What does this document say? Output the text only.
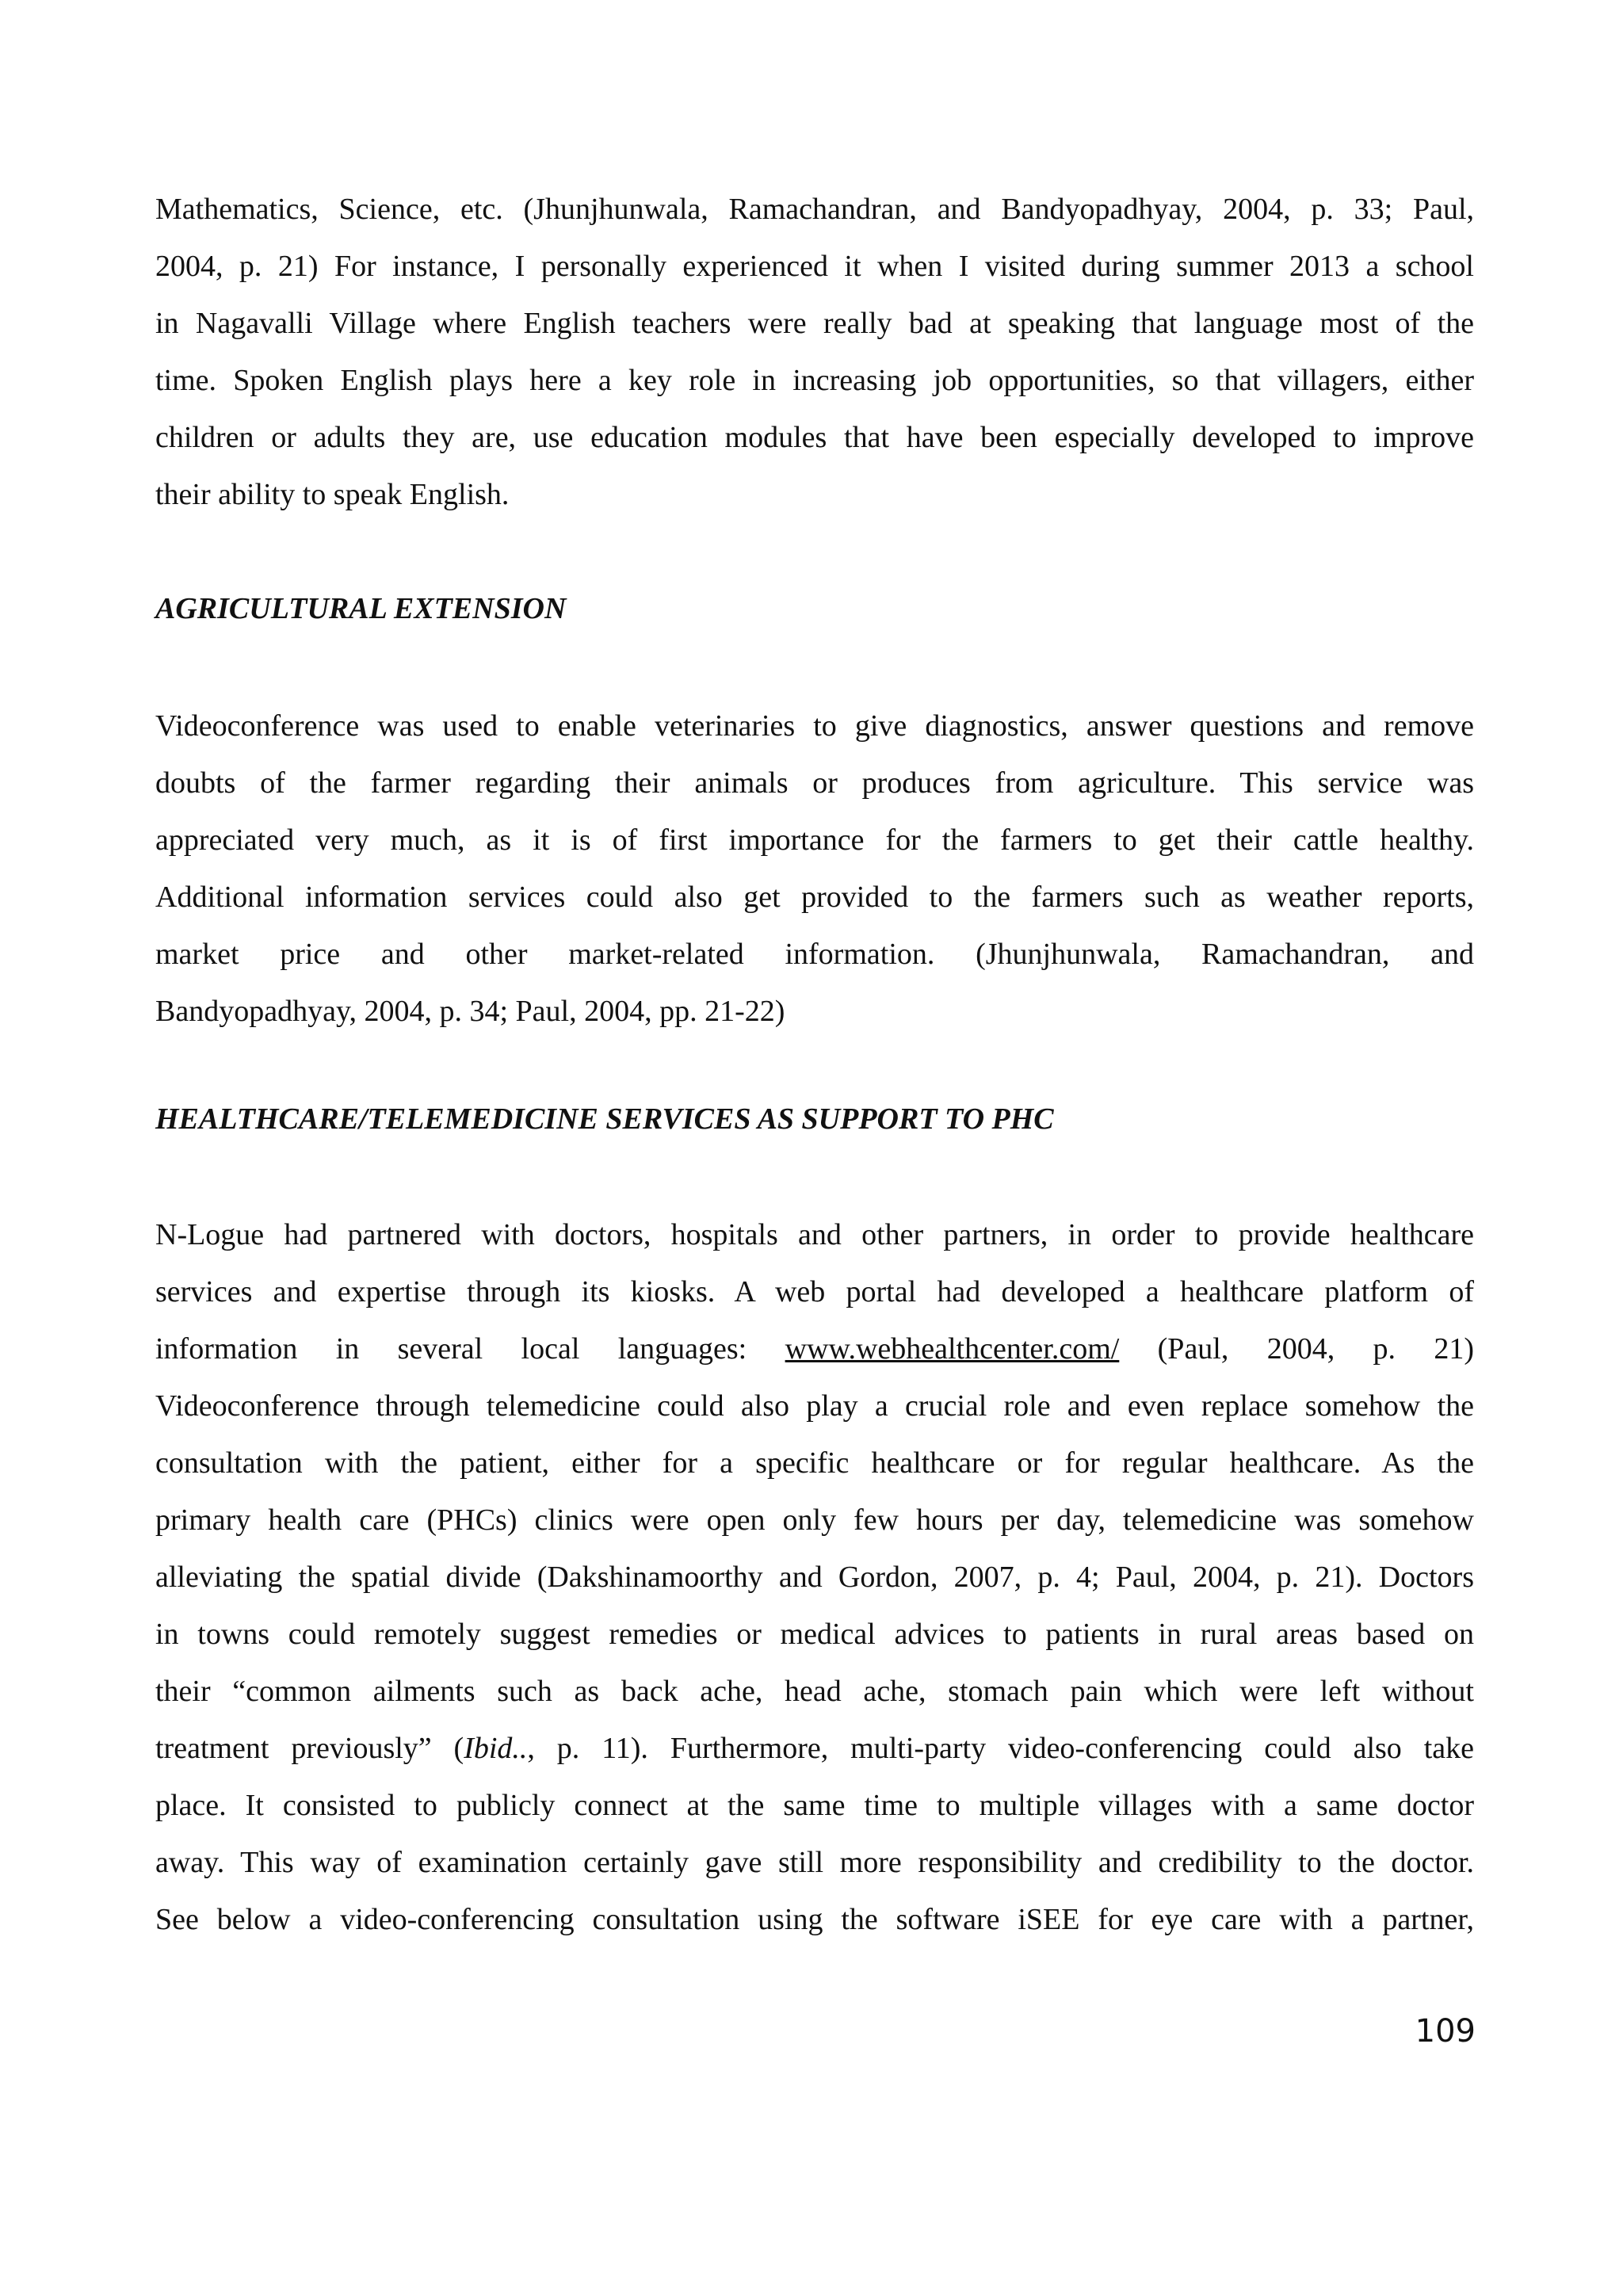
Mathematics, Science, etc. (Jhunjhunwala, Ramachandran, and Bandyopadhyay, 2004, p. 33; Paul,
2004, p. 21) For instance, I personally experienced it when I visited during summer 2013 a school
in Nagavalli Village where English teachers were really bad at speaking that language most of the
time. Spoken English plays here a key role in increasing job opportunities, so that villagers, either
children or adults they are, use education modules that have been especially developed to improve
their ability to speak English.

AGRICULTURAL EXTENSION

Videoconference was used to enable veterinaries to give diagnostics, answer questions and remove
doubts of the farmer regarding their animals or produces from agriculture. This service was
appreciated very much, as it is of first importance for the farmers to get their cattle healthy.
Additional information services could also get provided to the farmers such as weather reports,
market price and other market-related information. (Jhunjhunwala, Ramachandran, and
Bandyopadhyay, 2004, p. 34; Paul, 2004, pp. 21-22)

HEALTHCARE/TELEMEDICINE SERVICES AS SUPPORT TO PHC

N-Logue had partnered with doctors, hospitals and other partners, in order to provide healthcare
services and expertise through its kiosks. A web portal had developed a healthcare platform of
information in several local languages: www.webhealthcenter.com/ (Paul, 2004, p. 21)
Videoconference through telemedicine could also play a crucial role and even replace somehow the
consultation with the patient, either for a specific healthcare or for regular healthcare. As the
primary health care (PHCs) clinics were open only few hours per day, telemedicine was somehow
alleviating the spatial divide (Dakshinamoorthy and Gordon, 2007, p. 4; Paul, 2004, p. 21). Doctors
in towns could remotely suggest remedies or medical advices to patients in rural areas based on
their “common ailments such as back ache, head ache, stomach pain which were left without
treatment previously” (Ibid.., p. 11). Furthermore, multi-party video-conferencing could also take
place. It consisted to publicly connect at the same time to multiple villages with a same doctor
away. This way of examination certainly gave still more responsibility and credibility to the doctor.
See below a video-conferencing consultation using the software iSEE for eye care with a partner,

109
